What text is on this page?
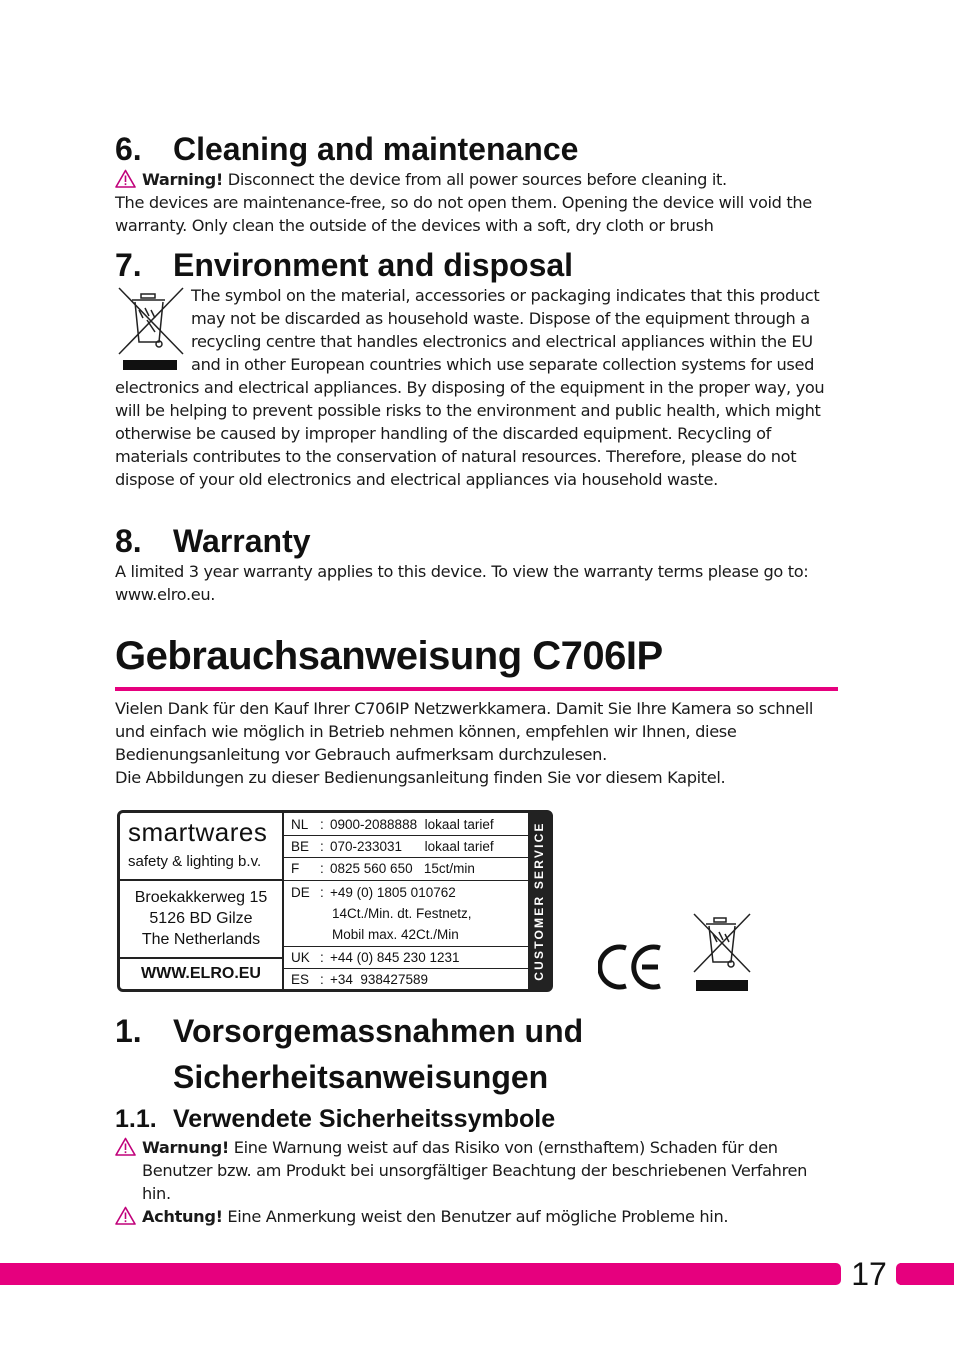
6. Cleaning and maintenance
Warning! Disconnect the device from all power sources before cleaning it.

The devices are maintenance-free, so do not open them. Opening the device will void the warranty. Only clean the outside of the devices with a soft, dry cloth or brush

7. Environment and disposal

The symbol on the material, accessories or packaging indicates that this product may not be discarded as household waste. Dispose of the equipment through a recycling centre that handles electronics and electrical appliances within the EU and in other European countries which use separate collection systems for used electronics and electrical appliances. By disposing of the equipment in the proper way, you will be helping to prevent possible risks to the environment and public health, which might otherwise be caused by improper handling of the discarded equipment. Recycling of materials contributes to the conservation of natural resources. Therefore, please do not dispose of your old electronics and electrical appliances via household waste.

8. Warranty

A limited 3 year warranty applies to this device. To view the warranty terms please go to: www.elro.eu.

Gebrauchsanweisung C706IP

Vielen Dank für den Kauf Ihrer C706IP Netzwerkkamera. Damit Sie Ihre Kamera so schnell und einfach wie möglich in Betrieb nehmen können, empfehlen wir Ihnen, diese Bedienungsanleitung vor Gebrauch aufmerksam durchzulesen.

Die Abbildungen zu dieser Bedienungsanleitung finden Sie vor diesem Kapitel.

smartwares
safety & lighting b.v.
Broekakkerweg 15
5126 BD Gilze
The Netherlands
WWW.ELRO.EU
NL : 0900-2088888  lokaal tarief
BE : 070-233031      lokaal tarief
F : 0825 560 650   15ct/min
DE : +49 (0) 1805 010762
14Ct./Min. dt. Festnetz,
Mobil max. 42Ct./Min
UK : +44 (0) 845 230 1231
ES : +34  938427589	CUSTOMER SERVICE
1. Vorsorgemassnahmen und
Sicherheitsanweisungen
1.1. Verwendete Sicherheitssymbole
Warnung! Eine Warnung weist auf das Risiko von (ernsthaftem) Schaden für den Benutzer bzw. am Produkt bei unsorgfältiger Beachtung der beschriebenen Verfahren hin.
Achtung! Eine Anmerkung weist den Benutzer auf mögliche Probleme hin.
17
